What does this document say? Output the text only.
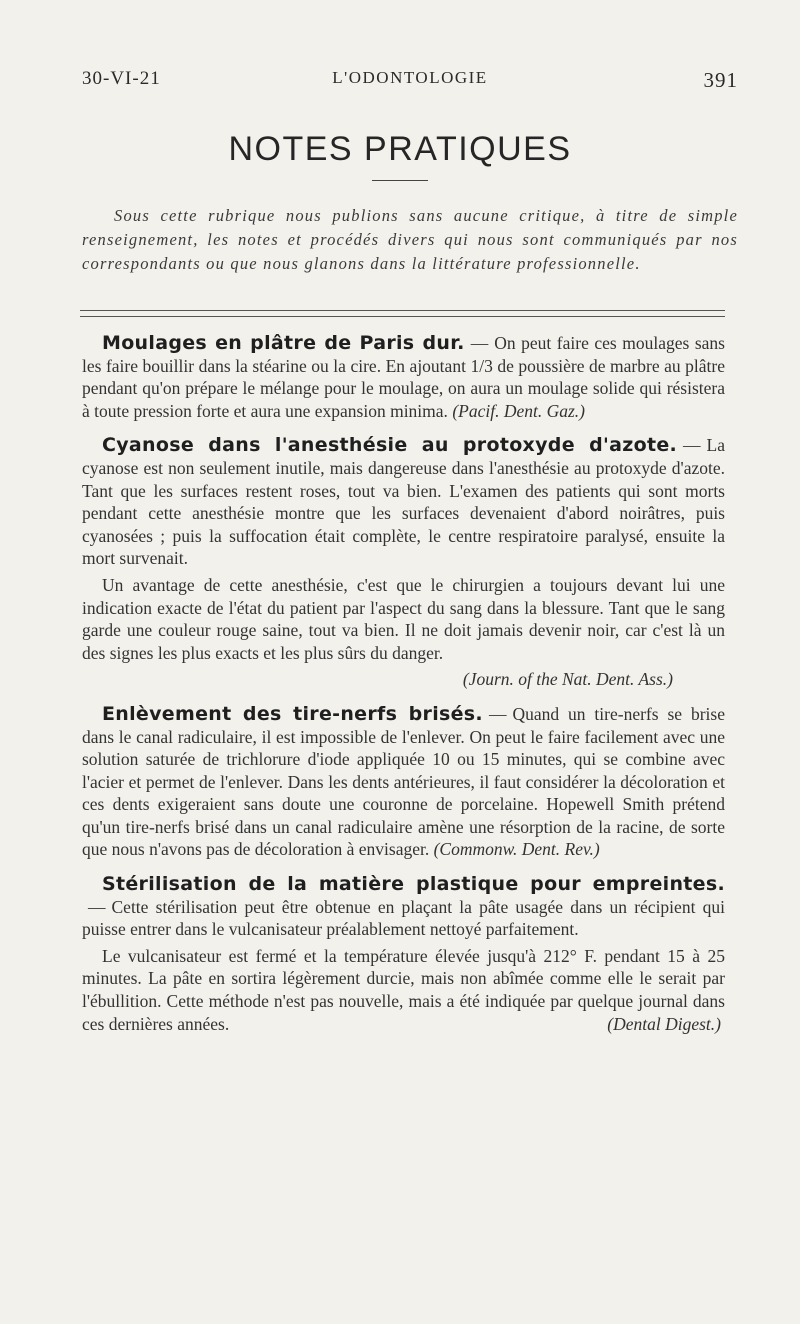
30-VI-21	L'ODONTOLOGIE	391
NOTES PRATIQUES

Sous cette rubrique nous publions sans aucune critique, à titre de simple renseignement, les notes et procédés divers qui nous sont communiqués par nos correspondants ou que nous glanons dans la littérature professionnelle.

Moulages en plâtre de Paris dur. — On peut faire ces moulages sans les faire bouillir dans la stéarine ou la cire. En ajoutant 1/3 de poussière de marbre au plâtre pendant qu'on prépare le mélange pour le moulage, on aura un moulage solide qui résistera à toute pression forte et aura une expansion minima. (Pacif. Dent. Gaz.)

Cyanose dans l'anesthésie au protoxyde d'azote. — La cyanose est non seulement inutile, mais dangereuse dans l'anesthésie au protoxyde d'azote. Tant que les surfaces restent roses, tout va bien. L'examen des patients qui sont morts pendant cette anesthésie montre que les surfaces devenaient d'abord noirâtres, puis cyanosées ; puis la suffocation était complète, le centre respiratoire paralysé, ensuite la mort survenait.

Un avantage de cette anesthésie, c'est que le chirurgien a toujours devant lui une indication exacte de l'état du patient par l'aspect du sang dans la blessure. Tant que le sang garde une couleur rouge saine, tout va bien. Il ne doit jamais devenir noir, car c'est là un des signes les plus exacts et les plus sûrs du danger.

(Journ. of the Nat. Dent. Ass.)

Enlèvement des tire-nerfs brisés. — Quand un tire-nerfs se brise dans le canal radiculaire, il est impossible de l'enlever. On peut le faire facilement avec une solution saturée de trichlorure d'iode appliquée 10 ou 15 minutes, qui se combine avec l'acier et permet de l'enlever. Dans les dents antérieures, il faut considérer la décoloration et ces dents exigeraient sans doute une couronne de porcelaine. Hopewell Smith prétend qu'un tire-nerfs brisé dans un canal radiculaire amène une résorption de la racine, de sorte que nous n'avons pas de décoloration à envisager. (Commonw. Dent. Rev.)

Stérilisation de la matière plastique pour empreintes.— Cette stérilisation peut être obtenue en plaçant la pâte usagée dans un récipient qui puisse entrer dans le vulcanisateur préalablement nettoyé parfaitement.

Le vulcanisateur est fermé et la température élevée jusqu'à 212° F. pendant 15 à 25 minutes. La pâte en sortira légèrement durcie, mais non abîmée comme elle le serait par l'ébullition. Cette méthode n'est pas nouvelle, mais a été indiquée par quelque journal dans ces dernières années.	(Dental Digest.)
